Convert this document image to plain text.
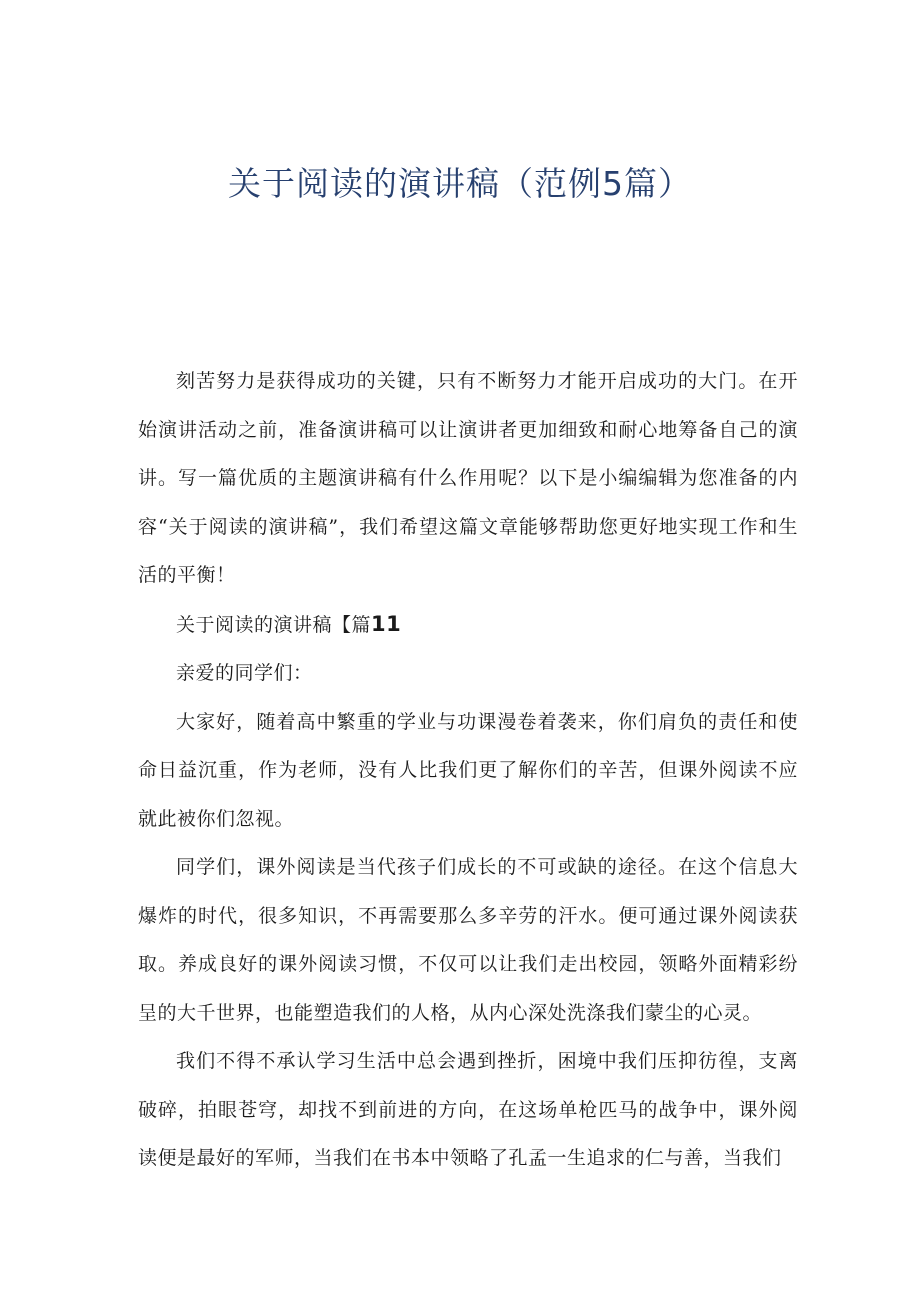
关于阅读的演讲稿（范例5篇）

刻苦努力是获得成功的关键，只有不断努力才能开启成功的大门。在开始演讲活动之前，准备演讲稿可以让演讲者更加细致和耐心地筹备自己的演讲。写一篇优质的主题演讲稿有什么作用呢？以下是小编编辑为您准备的内容“关于阅读的演讲稿”，我们希望这篇文章能够帮助您更好地实现工作和生活的平衡！

关于阅读的演讲稿【篇11

亲爱的同学们：

大家好，随着高中繁重的学业与功课漫卷着袭来，你们肩负的责任和使命日益沉重，作为老师，没有人比我们更了解你们的辛苦，但课外阅读不应就此被你们忽视。

同学们，课外阅读是当代孩子们成长的不可或缺的途径。在这个信息大爆炸的时代，很多知识，不再需要那么多辛劳的汗水。便可通过课外阅读获取。养成良好的课外阅读习惯，不仅可以让我们走出校园，领略外面精彩纷呈的大千世界，也能塑造我们的人格，从内心深处洗涤我们蒙尘的心灵。

我们不得不承认学习生活中总会遇到挫折，困境中我们压抑彷徨，支离破碎，拍眼苍穹，却找不到前进的方向，在这场单枪匹马的战争中，课外阅读便是最好的军师，当我们在书本中领略了孔孟一生追求的仁与善，当我们
